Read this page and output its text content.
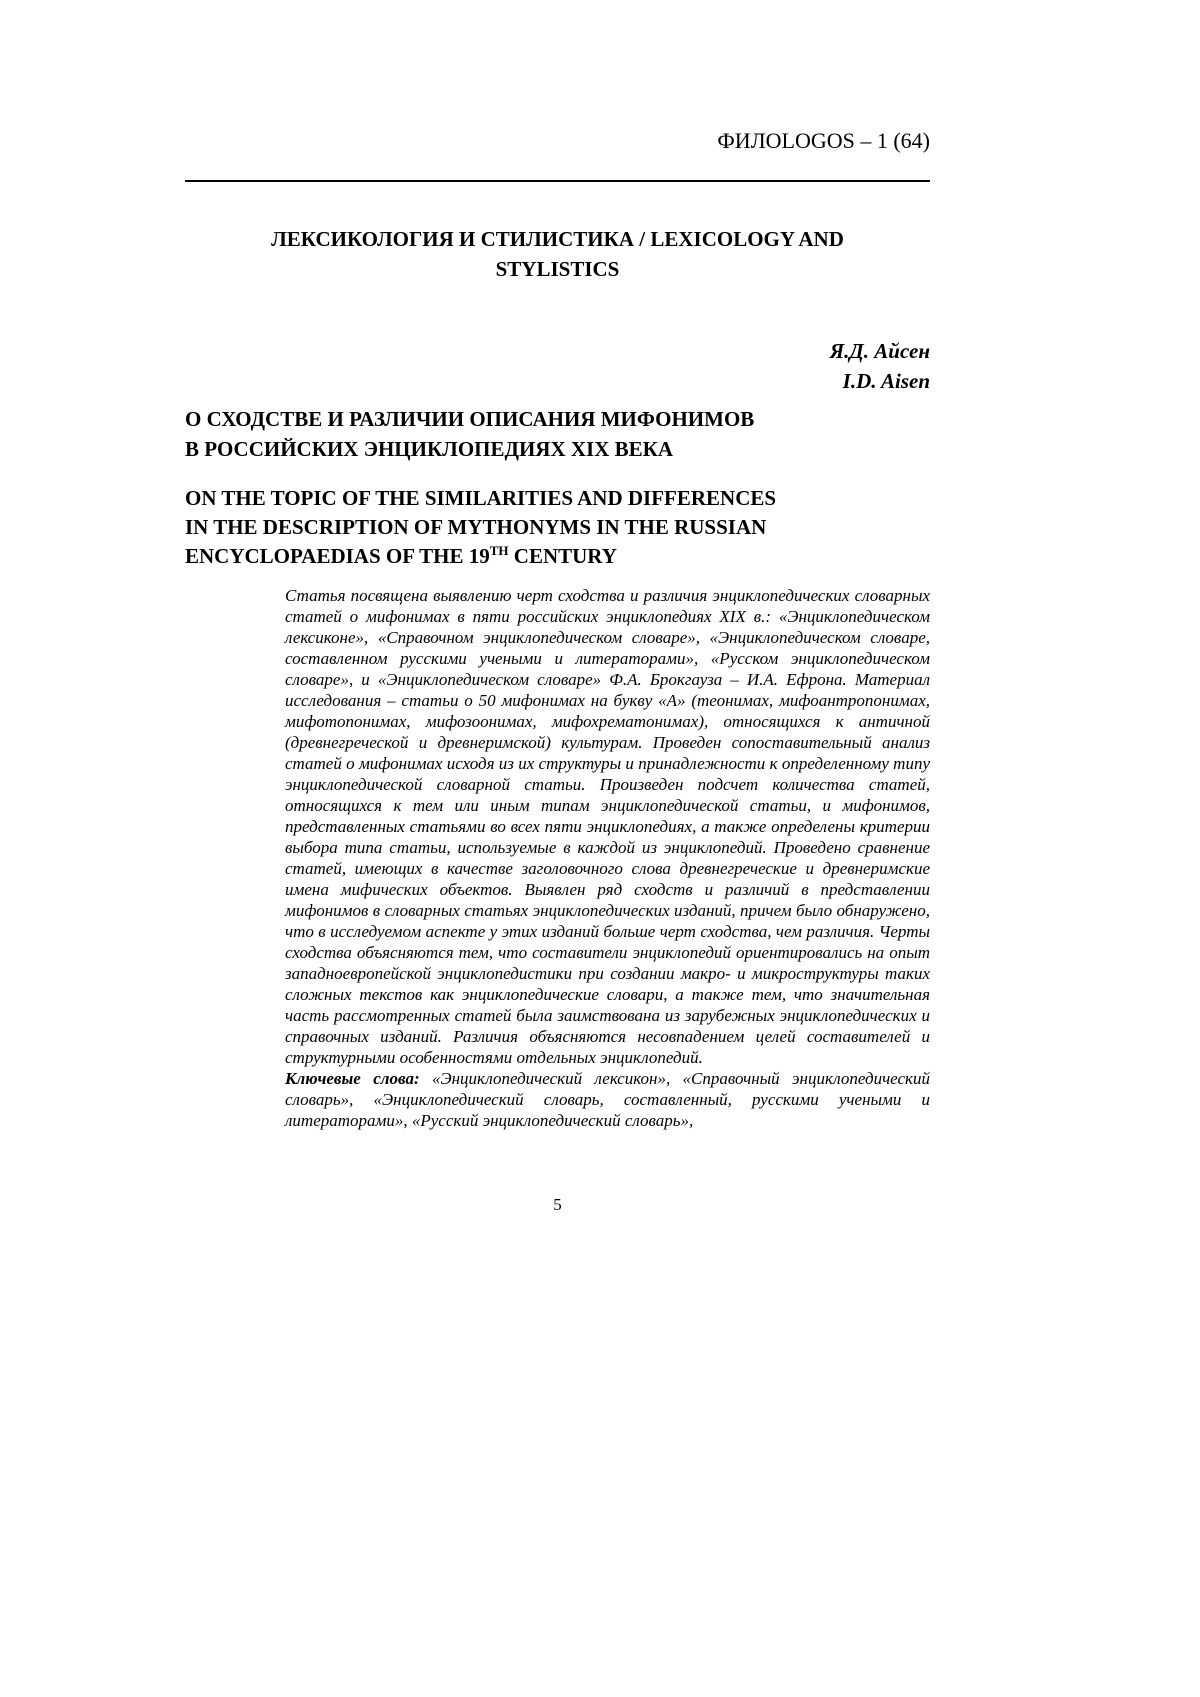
ФИЛОLOGOS – 1 (64)

ЛЕКСИКОЛОГИЯ И СТИЛИСТИКА / LEXICOLOGY AND
STYLISTICS
Я.Д. Айсен
I.D. Aisen
О СХОДСТВЕ И РАЗЛИЧИИ ОПИСАНИЯ МИФОНИМОВ
В РОССИЙСКИХ ЭНЦИКЛОПЕДИЯХ XIX ВЕКА
ON THE TOPIC OF THE SIMILARITIES AND DIFFERENCES
IN THE DESCRIPTION OF MYTHONYMS IN THE RUSSIAN
ENCYCLOPAEDIAS OF THE 19TH CENTURY

Статья посвящена выявлению черт сходства и различия энциклопедических словарных статей о мифонимах в пяти российских энциклопедиях XIX в.: «Энциклопедическом лексиконе», «Справочном энциклопедическом словаре», «Энциклопедическом словаре, составленном русскими учеными и литераторами», «Русском энциклопедическом словаре», и «Энциклопедическом словаре» Ф.А. Брокгауза – И.А. Ефрона. Материал исследования – статьи о 50 мифонимах на букву «А» (теонимах, мифоантропонимах, мифотопонимах, мифозоонимах, мифохрематонимах), относящихся к античной (древнегреческой и древнеримской) культурам. Проведен сопоставительный анализ статей о мифонимах исходя из их структуры и принадлежности к определенному типу энциклопедической словарной статьи. Произведен подсчет количества статей, относящихся к тем или иным типам энциклопедической статьи, и мифонимов, представленных статьями во всех пяти энциклопедиях, а также определены критерии выбора типа статьи, используемые в каждой из энциклопедий. Проведено сравнение статей, имеющих в качестве заголовочного слова древнегреческие и древнеримские имена мифических объектов. Выявлен ряд сходств и различий в представлении мифонимов в словарных статьях энциклопедических изданий, причем было обнаружено, что в исследуемом аспекте у этих изданий больше черт сходства, чем различия. Черты сходства объясняются тем, что составители энциклопедий ориентировались на опыт западноевропейской энциклопедистики при создании макро- и микроструктуры таких сложных текстов как энциклопедические словари, а также тем, что значительная часть рассмотренных статей была заимствована из зарубежных энциклопедических и справочных изданий. Различия объясняются несовпадением целей составителей и структурными особенностями отдельных энциклопедий.

Ключевые слова: «Энциклопедический лексикон», «Справочный энциклопедический словарь», «Энциклопедический словарь, составленный, русскими учеными и литераторами», «Русский энциклопедический словарь»,

5
